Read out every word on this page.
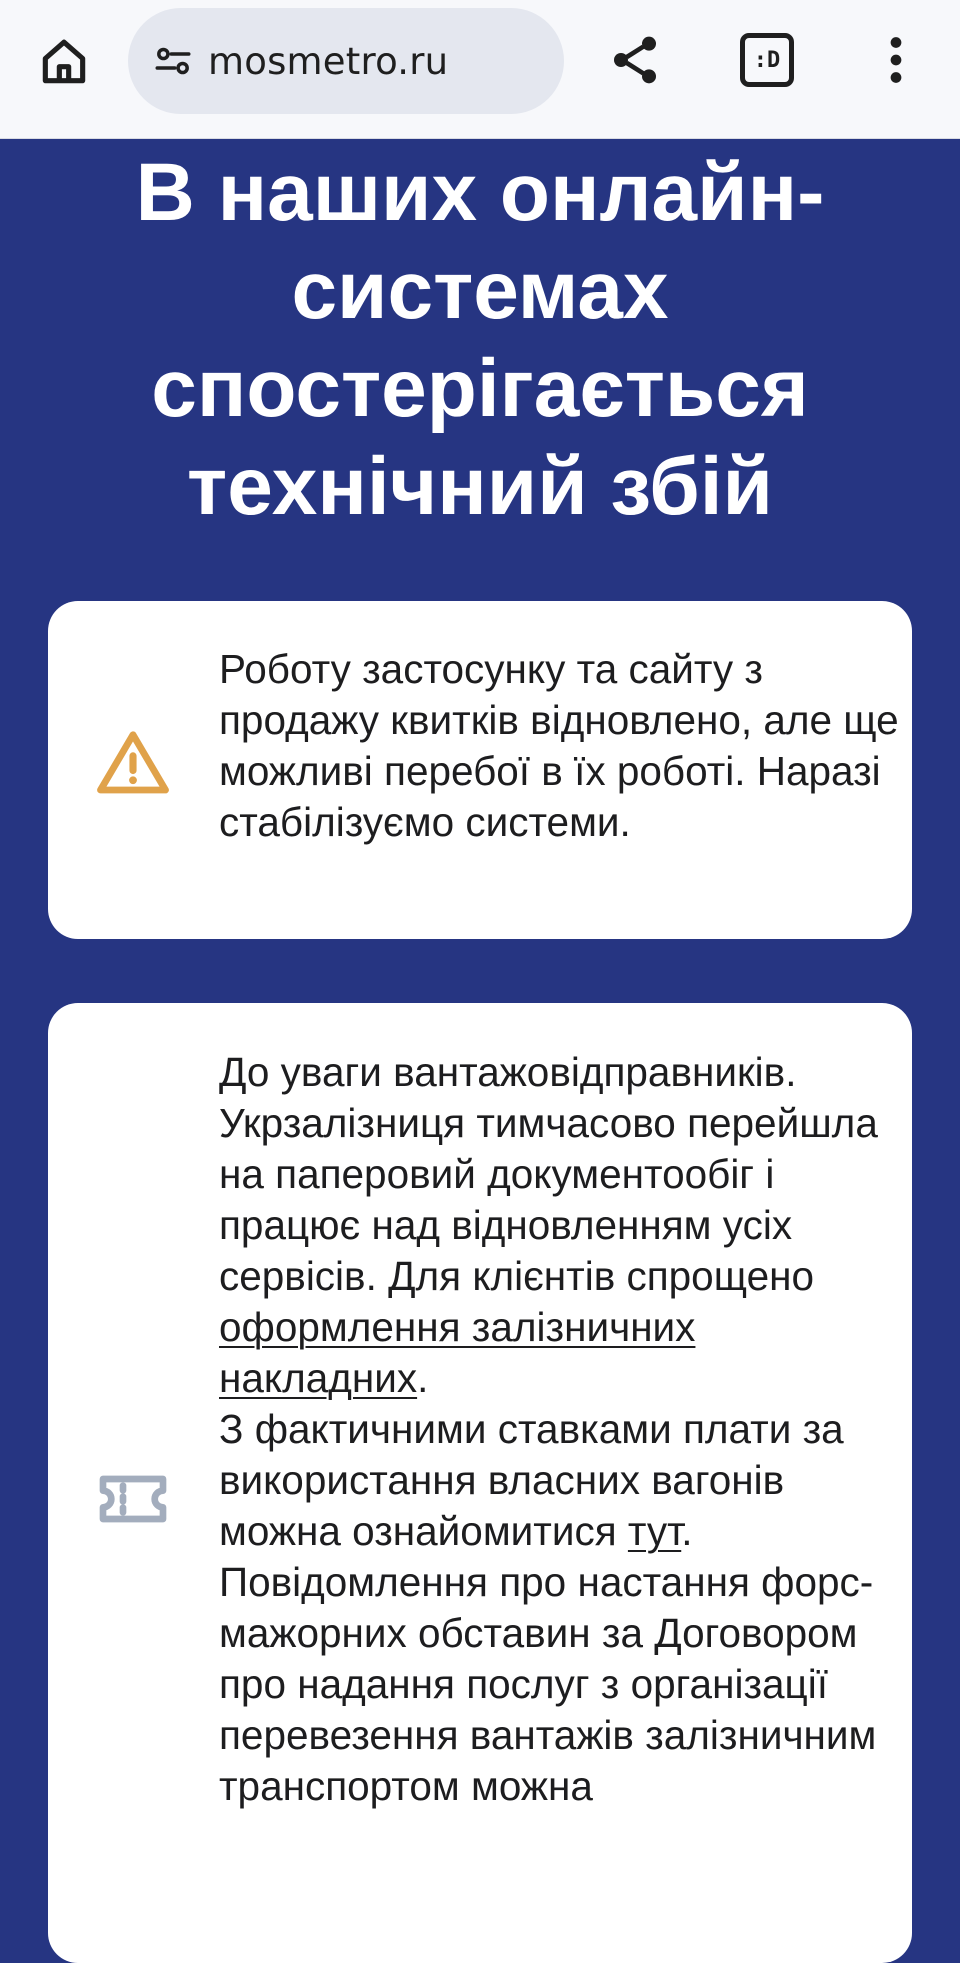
mosmetro.ru	:D
В наших онлайн-системах спостерігається технічний збій

Роботу застосунку та сайту з продажу квитків відновлено, але ще можливі перебої в їх роботі. Наразі стабілізуємо системи.

До уваги вантажовідправників. Укрзалізниця тимчасово перейшла на паперовий документообіг і працює над відновленням усіх сервісів. Для клієнтів спрощено оформлення залізничних накладних.
З фактичними ставками плати за використання власних вагонів можна ознайомитися тут.
Повідомлення про настання форс-мажорних обставин за Договором про надання послуг з організації перевезення вантажів залізничним транспортом можна
